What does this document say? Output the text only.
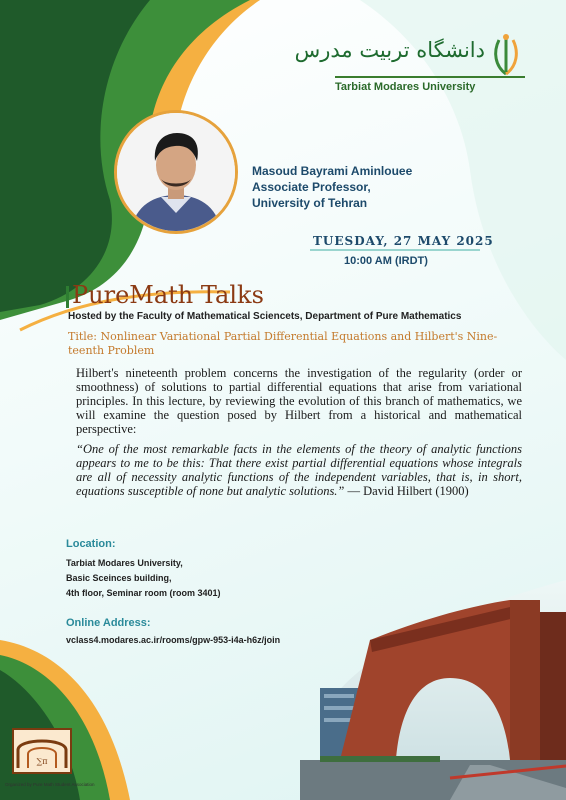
دانشگاه تربیت مدرس
Tarbiat Modares University
Masoud Bayrami Aminlouee
Associate Professor,
University of Tehran
TUESDAY, 27 MAY 2025
10:00 AM (IRDT)
PureMath Talks
Hosted by the Faculty of Mathematical Sciencets, Department of Pure Mathematics
Title: Nonlinear Variational Partial Differential Equations and Hilbert's Nine-teenth Problem
Hilbert's nineteenth problem concerns the investigation of the regularity (order or smoothness) of solutions to partial differential equations that arise from variational principles. In this lecture, by reviewing the evolution of this branch of mathematics, we will examine the question posed by Hilbert from a historical and mathematical perspective:
“One of the most remarkable facts in the elements of the theory of analytic functions appears to me to be this: That there exist partial differential equations whose integrals are all of necessity analytic functions of the independent variables, that is, in short, equations susceptible of none but analytic solutions.” — David Hilbert (1900)
Location:
Tarbiat Modares University,
Basic Sceinces building,
4th floor, Seminar room (room 3401)
Online Address:
vclass4.modares.ac.ir/rooms/gpw-953-i4a-h6z/join
∑π
Organized by Pure Math Student Association
